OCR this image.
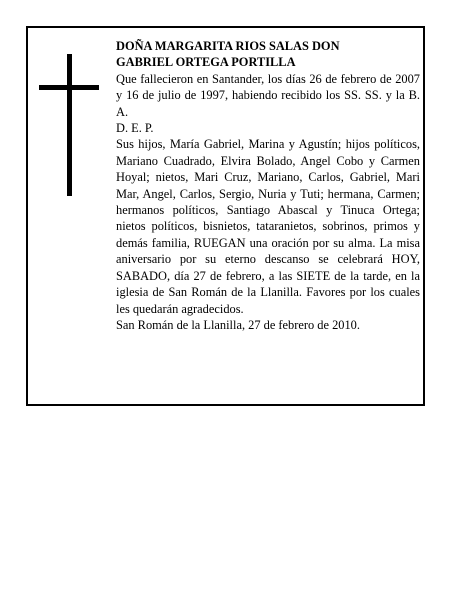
DOÑA MARGARITA RIOS SALAS DON
GABRIEL ORTEGA PORTILLA

Que fallecieron en Santander, los días 26 de febrero de 2007 y 16 de julio de 1997, habiendo recibido los SS. SS. y la B. A.

D. E. P.

Sus hijos, María Gabriel, Marina y Agustín; hijos políticos, Mariano Cuadrado, Elvira Bolado, Angel Cobo y Carmen Hoyal; nietos, Mari Cruz, Mariano, Carlos, Gabriel, Mari Mar, Angel, Carlos, Sergio, Nuria y Tuti; hermana, Carmen; hermanos políticos, Santiago Abascal y Tinuca Ortega; nietos políticos, bisnietos, tataranietos, sobrinos, primos y demás familia, RUEGAN una oración por su alma. La misa aniversario por su eterno descanso se celebrará HOY, SABADO, día 27 de febrero, a las SIETE de la tarde, en la iglesia de San Román de la Llanilla. Favores por los cuales les quedarán agradecidos.

San Román de la Llanilla, 27 de febrero de 2010.
